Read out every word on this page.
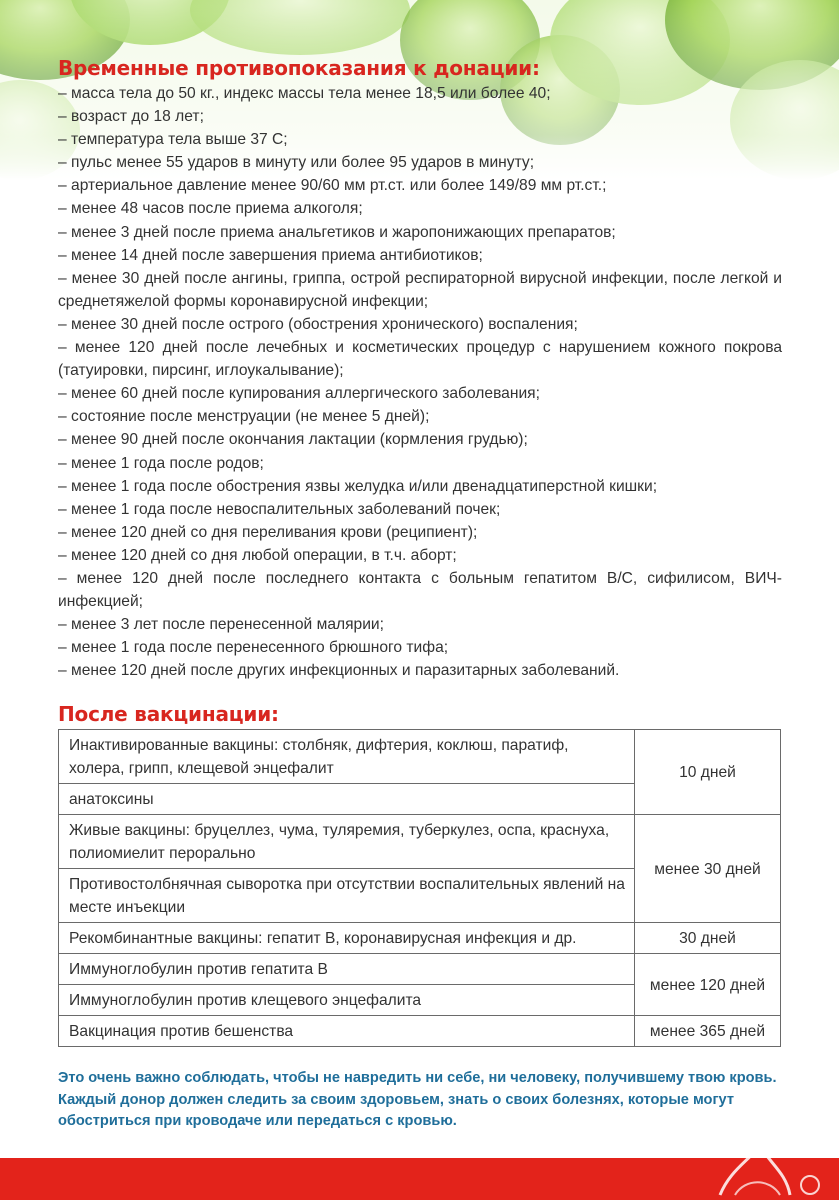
Временные противопоказания к донации:
– масса тела до 50 кг., индекс массы тела менее 18,5 или более 40;
– возраст до 18 лет;
– температура тела выше 37 С;
– пульс менее 55 ударов в минуту или более 95 ударов в минуту;
– артериальное давление менее 90/60 мм рт.ст. или более 149/89 мм рт.ст.;
– менее 48 часов после приема алкоголя;
– менее 3 дней после приема анальгетиков и жаропонижающих препаратов;
– менее 14 дней после завершения приема антибиотиков;
– менее 30 дней после ангины, гриппа, острой респираторной вирусной инфекции, после легкой и среднетяжелой формы коронавирусной инфекции;
– менее 30 дней после острого (обострения хронического) воспаления;
– менее 120 дней после лечебных и косметических процедур с нарушением кожного покрова (татуировки, пирсинг, иглоукалывание);
– менее 60 дней после купирования аллергического заболевания;
– состояние после менструации (не менее 5 дней);
– менее 90 дней после окончания лактации (кормления грудью);
– менее 1 года после родов;
– менее 1 года после обострения язвы желудка и/или двенадцатиперстной кишки;
– менее 1 года после невоспалительных заболеваний почек;
– менее 120 дней со дня переливания крови (реципиент);
– менее 120 дней со дня любой операции, в т.ч. аборт;
– менее 120 дней после последнего контакта с больным гепатитом В/С, сифилисом, ВИЧ-инфекцией;
– менее 3 лет после перенесенной малярии;
– менее 1 года после перенесенного брюшного тифа;
– менее 120 дней после других инфекционных и паразитарных заболеваний.
После вакцинации:
Инактивированные вакцины: столбняк, дифтерия, коклюш, паратиф, холера, грипп, клещевой энцефалит	10 дней
анатоксины	
Живые вакцины: бруцеллез, чума, туляремия, туберкулез, оспа, краснуха, полиомиелит перорально	менее 30 дней
Противостолбнячная сыворотка при отсутствии воспалительных явлений на месте инъекции	
Рекомбинантные вакцины: гепатит В, коронавирусная инфекция и др.	30 дней
Иммуноглобулин против гепатита В	менее 120 дней
Иммуноглобулин против клещевого энцефалита	
Вакцинация против бешенства	менее 365 дней

Это очень важно соблюдать, чтобы не навредить ни себе, ни человеку, получившему твою кровь. Каждый донор должен следить за своим здоровьем, знать о своих болезнях, которые могут обостриться при кроводаче или передаться с кровью.
